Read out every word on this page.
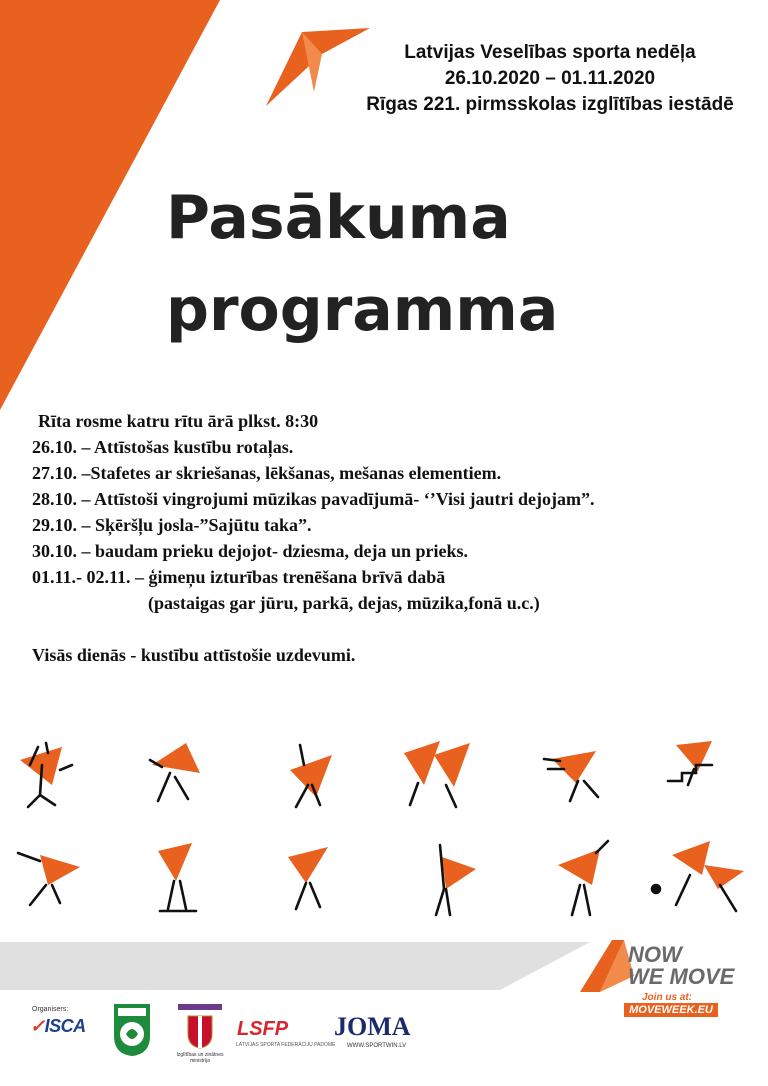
Latvijas Veselības sporta nedēļa
26.10.2020 – 01.11.2020
Rīgas 221. pirmsskolas izglītības iestādē
Pasākuma
programma
Rīta rosme katru rītu ārā plkst. 8:30
26.10. – Attīstošas kustību rotaļas.
27.10. –Stafetes ar skriešanas, lēkšanas, mešanas elementiem.
28.10. – Attīstoši vingrojumi mūzikas pavadījumā- ‘’Visi jautri dejojam”.
29.10. – Sķēršļu josla-”Sajūtu taka”.
30.10. – baudam prieku dejojot- dziesma, deja un prieks.
01.11.- 02.11. – ģimeņu izturības trenēšana brīvā dabā
(pastaigas gar jūru, parkā, dejas, mūzika,fonā u.c.)
Visās dienās - kustību attīstošie uzdevumi.
NOW
WE MOVE
Join us at:
MOVEWEEK.EU
Organisers:
✓ISCA
Izglītības un zinātnes ministrija
LSFP
LATVIJAS SPORTA FEDERĀCIJU PADOME
JOMA
WWW.SPORTWIN.LV
